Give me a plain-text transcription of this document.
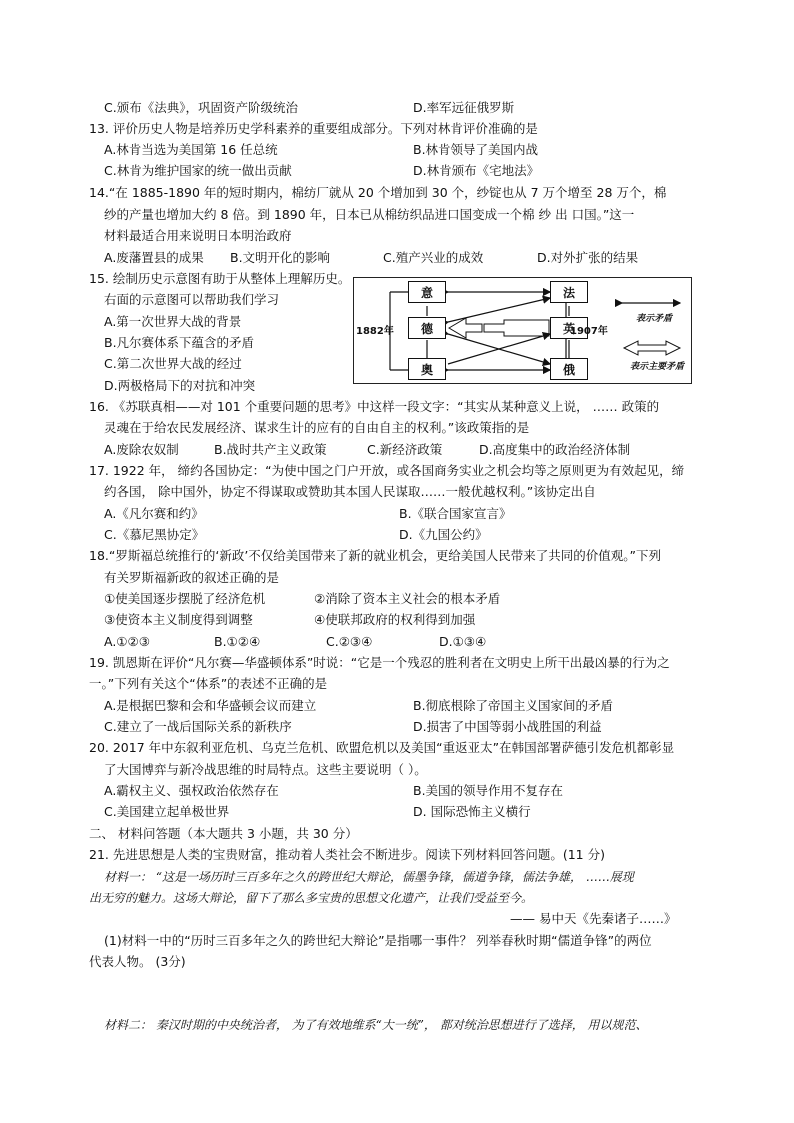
C.颁布《法典》，巩固资产阶级统治	D.率军远征俄罗斯
13. 评价历史人物是培养历史学科素养的重要组成部分。下列对林肯评价准确的是
A.林肯当选为美国第 16 任总统	B.林肯领导了美国内战
C.林肯为维护国家的统一做出贡献	D.林肯颁布《宅地法》
14.“在 1885-1890 年的短时期内，棉纺厂就从 20 个增加到 30 个，纱锭也从 7 万个增至 28 万个，棉
纱的产量也增加大约 8 倍。到 1890 年，日本已从棉纺织品进口国变成一个棉 纱 出 口国。”这一
材料最适合用来说明日本明治政府
A.废藩置县的成果 B.文明开化的影响	C.殖产兴业的成效	D.对外扩张的结果
15. 绘制历史示意图有助于从整体上理解历史。
右面的示意图可以帮助我们学习
A.第一次世界大战的背景
B.凡尔赛体系下蕴含的矛盾
C.第二次世界大战的经过
D.两极格局下的对抗和冲突
意	法
德	英
奥	俄
1882年	1907年
表示矛盾
表示主要矛盾
16. 《苏联真相——对 101 个重要问题的思考》中这样一段文字：“其实从某种意义上说， …… 政策的
灵魂在于给农民发展经济、谋求生计的应有的自由自主的权利。”该政策指的是
A.废除农奴制	B.战时共产主义政策	C.新经济政策	D.高度集中的政治经济体制
17. 1922 年， 缔约各国协定：“为使中国之门户开放，或各国商务实业之机会均等之原则更为有效起见，缔
约各国， 除中国外，协定不得谋取或赞助其本国人民谋取……一般优越权利。”该协定出自
A.《凡尔赛和约》	B.《联合国家宣言》
C.《慕尼黑协定》	D.《九国公约》
18.“罗斯福总统推行的‘新政’不仅给美国带来了新的就业机会，更给美国人民带来了共同的价值观。”下列
有关罗斯福新政的叙述正确的是
①使美国逐步摆脱了经济危机	②消除了资本主义社会的根本矛盾
③使资本主义制度得到调整	④使联邦政府的权利得到加强
A.①②③	B.①②④	C.②③④	D.①③④
19. 凯恩斯在评价“凡尔赛—华盛顿体系”时说：“它是一个残忍的胜利者在文明史上所干出最凶暴的行为之
一。”下列有关这个“体系”的表述不正确的是
A.是根据巴黎和会和华盛顿会议而建立	B.彻底根除了帝国主义国家间的矛盾
C.建立了一战后国际关系的新秩序	D.损害了中国等弱小战胜国的利益
20. 2017 年中东叙利亚危机、乌克兰危机、欧盟危机以及美国“重返亚太”在韩国部署萨德引发危机都彰显
了大国博弈与新冷战思维的时局特点。这些主要说明（ ）。
A.霸权主义、强权政治依然存在	B.美国的领导作用不复存在
C.美国建立起单极世界	D. 国际恐怖主义横行
二、 材料问答题（本大题共 3 小题，共 30 分）
21. 先进思想是人类的宝贵财富，推动着人类社会不断进步。阅读下列材料回答问题。(11 分)
材料一： “这是一场历时三百多年之久的跨世纪大辩论，儒墨争锋，儒道争锋，儒法争雄， ……展现
出无穷的魅力。这场大辩论，留下了那么多宝贵的思想文化遗产，让我们受益至今。
—— 易中天《先秦诸子……》
(1)材料一中的“历时三百多年之久的跨世纪大辩论”是指哪一事件？ 列举春秋时期“儒道争锋”的两位
代表人物。 (3分)
材料二： 秦汉时期的中央统治者， 为了有效地维系“大一统”， 都对统治思想进行了选择， 用以规范、
